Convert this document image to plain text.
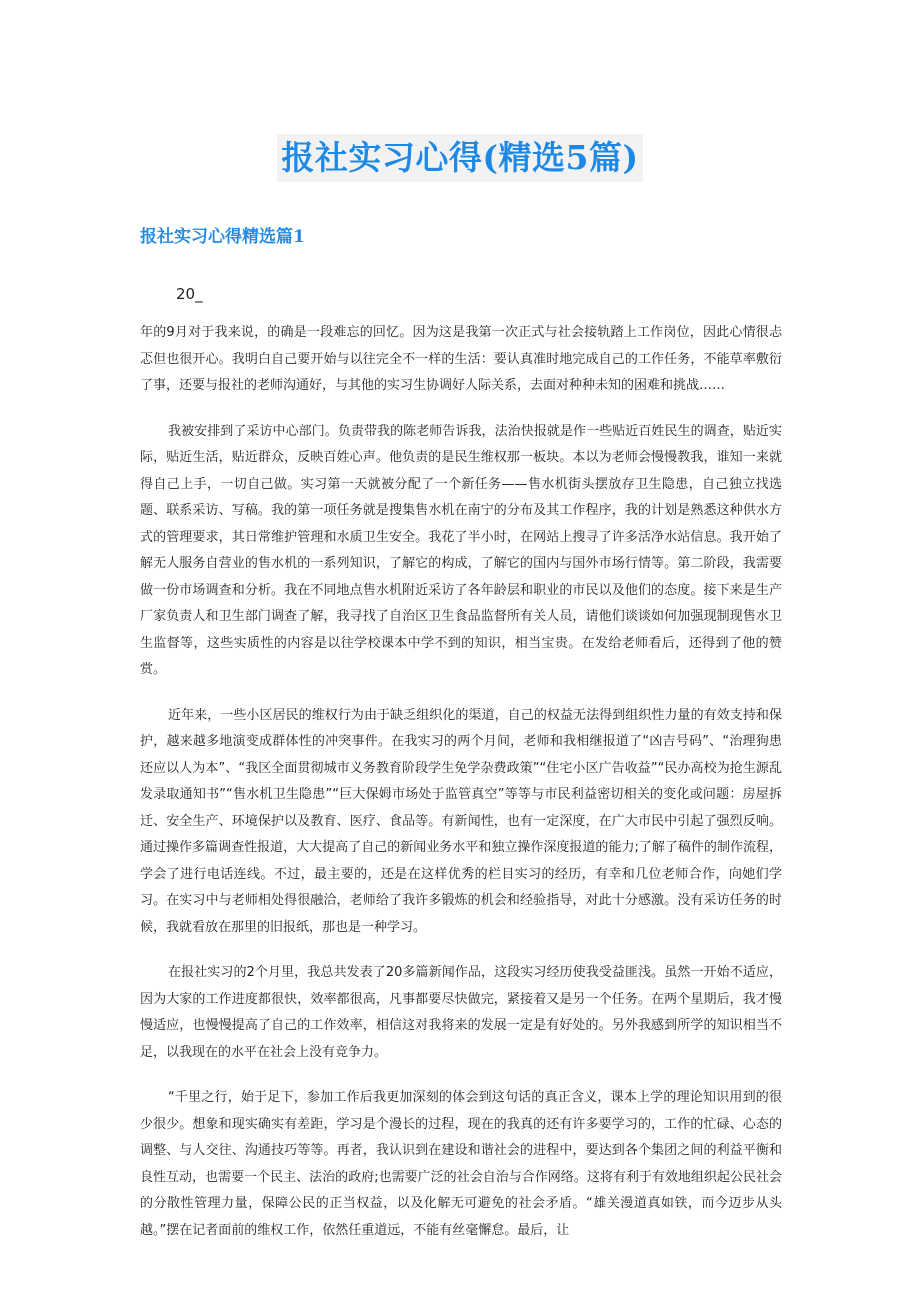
报社实习心得(精选5篇)
报社实习心得精选篇1

20_

年的9月对于我来说，的确是一段难忘的回忆。因为这是我第一次正式与社会接轨踏上工作岗位，因此心情很忐忑但也很开心。我明白自己要开始与以往完全不一样的生活：要认真准时地完成自己的工作任务，不能草率敷衍了事，还要与报社的老师沟通好，与其他的实习生协调好人际关系，去面对种种未知的困难和挑战……

我被安排到了采访中心部门。负责带我的陈老师告诉我，法治快报就是作一些贴近百姓民生的调查，贴近实际，贴近生活，贴近群众，反映百姓心声。他负责的是民生维权那一板块。本以为老师会慢慢教我，谁知一来就得自己上手，一切自己做。实习第一天就被分配了一个新任务——售水机街头摆放存卫生隐患，自己独立找选题、联系采访、写稿。我的第一项任务就是搜集售水机在南宁的分布及其工作程序，我的计划是熟悉这种供水方式的管理要求，其日常维护管理和水质卫生安全。我花了半小时，在网站上搜寻了许多活净水站信息。我开始了解无人服务自营业的售水机的一系列知识，了解它的构成，了解它的国内与国外市场行情等。第二阶段，我需要做一份市场调查和分析。我在不同地点售水机附近采访了各年龄层和职业的市民以及他们的态度。接下来是生产厂家负责人和卫生部门调查了解，我寻找了自治区卫生食品监督所有关人员，请他们谈谈如何加强现制现售水卫生监督等，这些实质性的内容是以往学校课本中学不到的知识，相当宝贵。在发给老师看后，还得到了他的赞赏。

近年来，一些小区居民的维权行为由于缺乏组织化的渠道，自己的权益无法得到组织性力量的有效支持和保护，越来越多地演变成群体性的冲突事件。在我实习的两个月间，老师和我相继报道了“凶吉号码”、“治理狗患还应以人为本”、“我区全面贯彻城市义务教育阶段学生免学杂费政策”“住宅小区广告收益”“民办高校为抢生源乱发录取通知书”“售水机卫生隐患”“巨大保姆市场处于监管真空”等等与市民利益密切相关的变化或问题：房屋拆迁、安全生产、环境保护以及教育、医疗、食品等。有新闻性，也有一定深度，在广大市民中引起了强烈反响。通过操作多篇调查性报道，大大提高了自己的新闻业务水平和独立操作深度报道的能力;了解了稿件的制作流程，学会了进行电话连线。不过，最主要的，还是在这样优秀的栏目实习的经历，有幸和几位老师合作，向她们学习。在实习中与老师相处得很融洽，老师给了我许多锻炼的机会和经验指导，对此十分感激。没有采访任务的时候，我就看放在那里的旧报纸，那也是一种学习。

在报社实习的2个月里，我总共发表了20多篇新闻作品，这段实习经历使我受益匪浅。虽然一开始不适应，因为大家的工作进度都很快，效率都很高，凡事都要尽快做完，紧接着又是另一个任务。在两个星期后，我才慢慢适应，也慢慢提高了自己的工作效率，相信这对我将来的发展一定是有好处的。另外我感到所学的知识相当不足，以我现在的水平在社会上没有竞争力。

“千里之行，始于足下，参加工作后我更加深刻的体会到这句话的真正含义，课本上学的理论知识用到的很少很少。想象和现实确实有差距，学习是个漫长的过程，现在的我真的还有许多要学习的，工作的忙碌、心态的调整、与人交往、沟通技巧等等。再者，我认识到在建设和谐社会的进程中，要达到各个集团之间的利益平衡和良性互动，也需要一个民主、法治的政府;也需要广泛的社会自治与合作网络。这将有利于有效地组织起公民社会的分散性管理力量，保障公民的正当权益，以及化解无可避免的社会矛盾。“雄关漫道真如铁，而今迈步从头越。”摆在记者面前的维权工作，依然任重道远，不能有丝毫懈怠。最后，让
